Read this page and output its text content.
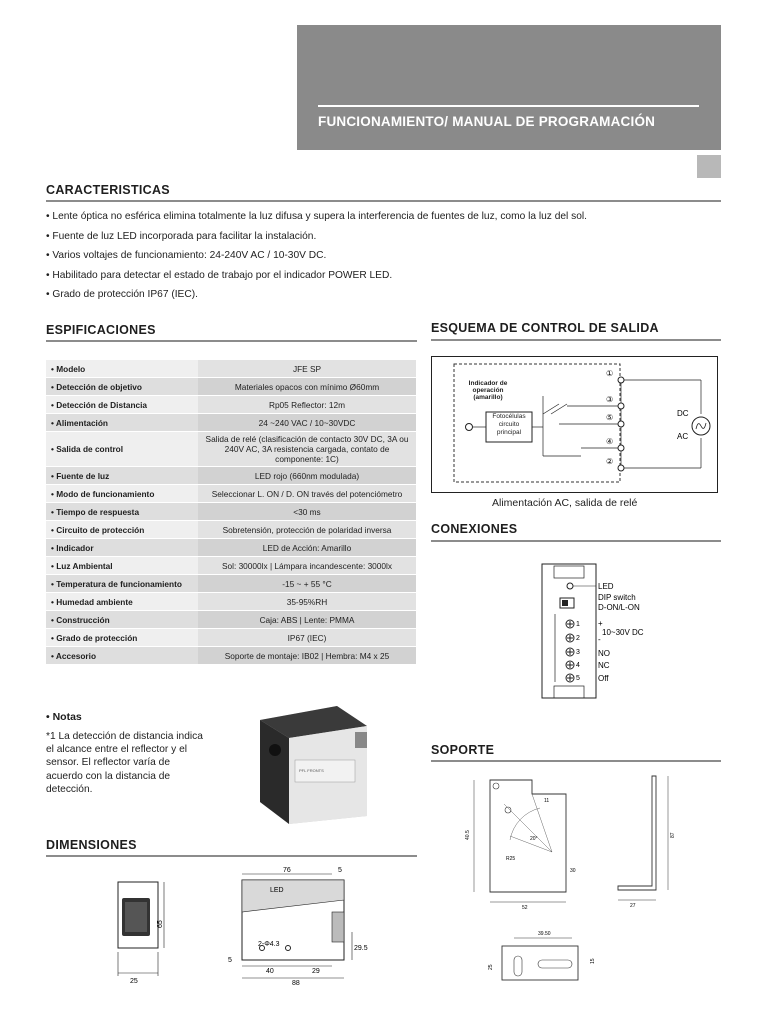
FUNCIONAMIENTO/ MANUAL DE PROGRAMACIÓN
CARACTERISTICAS
• Lente óptica no esférica elimina totalmente la luz difusa y supera la interferencia de fuentes de luz, como la luz del sol.
• Fuente de luz LED incorporada para facilitar la instalación.
• Varios voltajes de funcionamiento: 24-240V AC / 10-30V DC.
• Habilitado para detectar el estado de trabajo por el indicador POWER LED.
• Grado de protección IP67 (IEC).
ESPIFICACIONES
• Modelo	JFE SP
• Detección de objetivo	Materiales opacos con mínimo Ø60mm
• Detección de Distancia	Rp05 Reflector: 12m
• Alimentación	24 ~240 VAC / 10~30VDC
• Salida de control	Salida de relé (clasificación de contacto 30V DC, 3A ou 240V AC, 3A resistencia cargada, contato de componente: 1C)
• Fuente de luz	LED rojo (660nm modulada)
• Modo de funcionamiento	Seleccionar L. ON / D. ON través del potenciómetro
• Tiempo de respuesta	<30 ms
• Circuito de protección	Sobretensión, protección de polaridad inversa
• Indicador	LED de Acción: Amarillo
• Luz Ambiental	Sol: 30000lx | Lámpara incandescente: 3000lx
• Temperatura de funcionamiento	-15 ~ + 55 °C
• Humedad ambiente	35-95%RH
• Construcción	Caja: ABS | Lente: PMMA
• Grado de protección	IP67 (IEC)
• Accesorio	Soporte de montaje: IB02 | Hembra: M4 x 25
• Notas
*1 La detección de distancia indica el alcance entre el reflector y el sensor. El reflector varía de acuerdo con la distancia de detección.
PFL FRONTS
DIMENSIONES
25
65
LED
2-Φ4.3
76	5
29.5
40	29
88
5
ESQUEMA DE CONTROL DE SALIDA
Indicador de operación (amarillo)
Fotocélulas circuito principal
①
③
⑤
④
②
DC
AC
Alimentación AC, salida de relé
CONEXIONES
1
2
3
4
5
LED
DIP switch
D-ON/L-ON
+
10~30V DC
-
NO
NC
Off
SOPORTE
11
20°
R25
40.5
52
30
87
27
39.50
25
15
